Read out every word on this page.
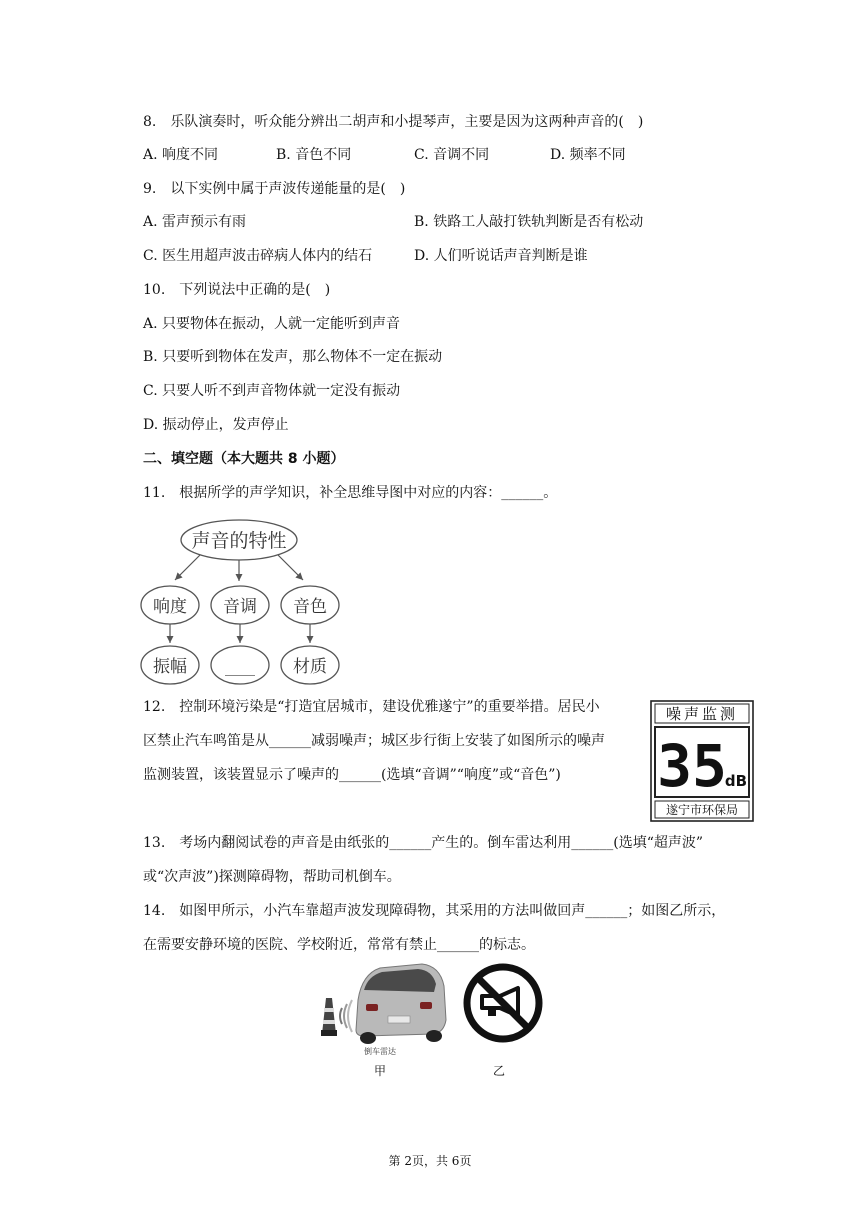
8.　乐队演奏时，听众能分辨出二胡声和小提琴声，主要是因为这两种声音的(　)
A. 响度不同	B. 音色不同	C. 音调不同	D. 频率不同
9.　以下实例中属于声波传递能量的是(　)
A. 雷声预示有雨	B. 铁路工人敲打铁轨判断是否有松动
C. 医生用超声波击碎病人体内的结石	D. 人们听说话声音判断是谁
10.　下列说法中正确的是(　)
A. 只要物体在振动，人就一定能听到声音
B. 只要听到物体在发声，那么物体不一定在振动
C. 只要人听不到声音物体就一定没有振动
D. 振动停止，发声停止
二、填空题（本大题共 8 小题）
11.　根据所学的声学知识，补全思维导图中对应的内容：______。
声音的特性
响度 音调 音色
振幅	____ 材质
12.　控制环境污染是“打造宜居城市，建设优雅遂宁”的重要举措。居民小
区禁止汽车鸣笛是从______减弱噪声；城区步行街上安装了如图所示的噪声
监测装置，该装置显示了噪声的______(选填“音调”“响度”或“音色”)
噪声监测
35
dB
遂宁市环保局
13.　考场内翻阅试卷的声音是由纸张的______产生的。倒车雷达利用______(选填“超声波”
或“次声波”)探测障碍物，帮助司机倒车。
14.　如图甲所示，小汽车靠超声波发现障碍物，其采用的方法叫做回声______；如图乙所示，
在需要安静环境的医院、学校附近，常常有禁止______的标志。
倒车雷达
甲	乙
第 2页，共 6页
